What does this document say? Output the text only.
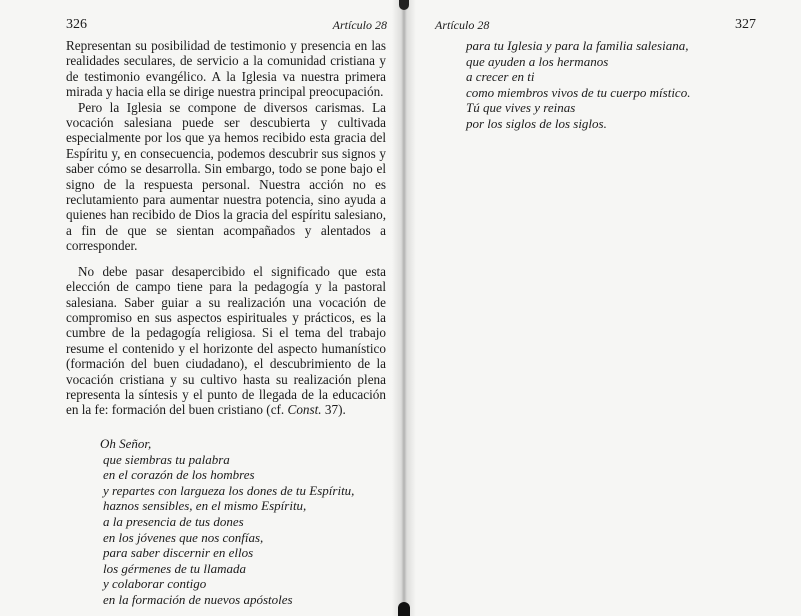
326	Artículo 28

Representan su posibilidad de testimonio y presencia en las realidades seculares, de servicio a la comunidad cristiana y de testimonio evangélico. A la Iglesia va nuestra primera mirada y hacia ella se dirige nuestra principal preocupación.

Pero la Iglesia se compone de diversos carismas. La vocación salesiana puede ser descubierta y cultivada especialmente por los que ya hemos recibido esta gracia del Espíritu y, en consecuencia, podemos descubrir sus signos y saber cómo se desarrolla. Sin embargo, todo se pone bajo el signo de la respuesta personal. Nuestra acción no es reclutamiento para aumentar nuestra potencia, sino ayuda a quienes han recibido de Dios la gracia del espíritu salesiano, a fin de que se sientan acompañados y alentados a corresponder.

No debe pasar desapercibido el significado que esta elección de campo tiene para la pedagogía y la pastoral salesiana. Saber guiar a su realización una vocación de compromiso en sus aspectos espirituales y prácticos, es la cumbre de la pedagogía religiosa. Si el tema del trabajo resume el contenido y el horizonte del aspecto humanístico (formación del buen ciudadano), el descubrimiento de la vocación cristiana y su cultivo hasta su realización plena representa la síntesis y el punto de llegada de la educación en la fe: formación del buen cristiano (cf. Const. 37).

Oh Señor,
que siembras tu palabra
en el corazón de los hombres
y repartes con largueza los dones de tu Espíritu,
haznos sensibles, en el mismo Espíritu,
a la presencia de tus dones
en los jóvenes que nos confías,
para saber discernir en ellos
los gérmenes de tu llamada
y colaborar contigo
en la formación de nuevos apóstoles
Artículo 28	327
para tu Iglesia y para la familia salesiana,
que ayuden a los hermanos
a crecer en ti
como miembros vivos de tu cuerpo místico.
Tú que vives y reinas
por los siglos de los siglos.
